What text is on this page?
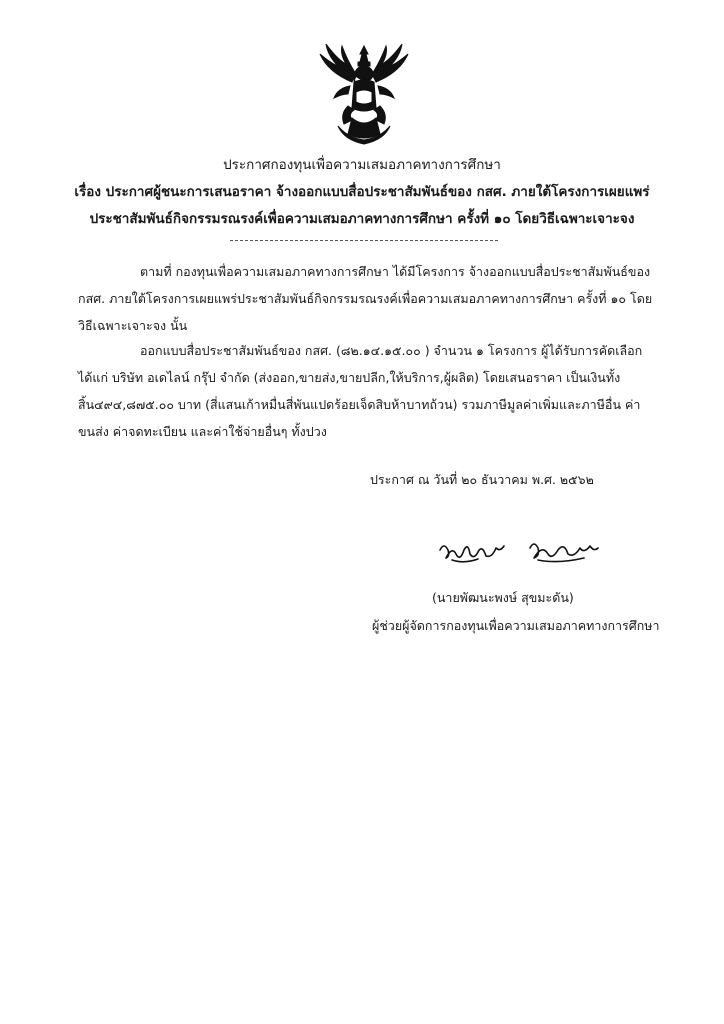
ประกาศกองทุนเพื่อความเสมอภาคทางการศึกษา
เรื่อง ประกาศผู้ชนะการเสนอราคา จ้างออกแบบสื่อประชาสัมพันธ์ของ กสศ. ภายใต้โครงการเผยแพร่
ประชาสัมพันธ์กิจกรรมรณรงค์เพื่อความเสมอภาคทางการศึกษา ครั้งที่ ๑๐ โดยวิธีเฉพาะเจาะจง

ตามที่ กองทุนเพื่อความเสมอภาคทางการศึกษา ได้มีโครงการ จ้างออกแบบสื่อประชาสัมพันธ์ของ กสศ. ภายใต้โครงการเผยแพร่ประชาสัมพันธ์กิจกรรมรณรงค์เพื่อความเสมอภาคทางการศึกษา ครั้งที่ ๑๐ โดยวิธีเฉพาะเจาะจง นั้น

ออกแบบสื่อประชาสัมพันธ์ของ กสศ. (๘๒.๑๔.๑๕.๐๐ ) จำนวน ๑ โครงการ ผู้ได้รับการคัดเลือก ได้แก่ บริษัท อเดไลน์ กรุ๊ป จำกัด (ส่งออก,ขายส่ง,ขายปลีก,ให้บริการ,ผู้ผลิต) โดยเสนอราคา เป็นเงินทั้งสิ้น๔๙๔,๘๗๕.๐๐ บาท (สี่แสนเก้าหมื่นสี่พันแปดร้อยเจ็ดสิบห้าบาทถ้วน) รวมภาษีมูลค่าเพิ่มและภาษีอื่น ค่าขนส่ง ค่าจดทะเบียน และค่าใช้จ่ายอื่นๆ ทั้งปวง

ประกาศ ณ วันที่ ๒๐ ธันวาคม พ.ศ. ๒๕๖๒
(นายพัฒนะพงษ์ สุขมะดัน)
ผู้ช่วยผู้จัดการกองทุนเพื่อความเสมอภาคทางการศึกษา
